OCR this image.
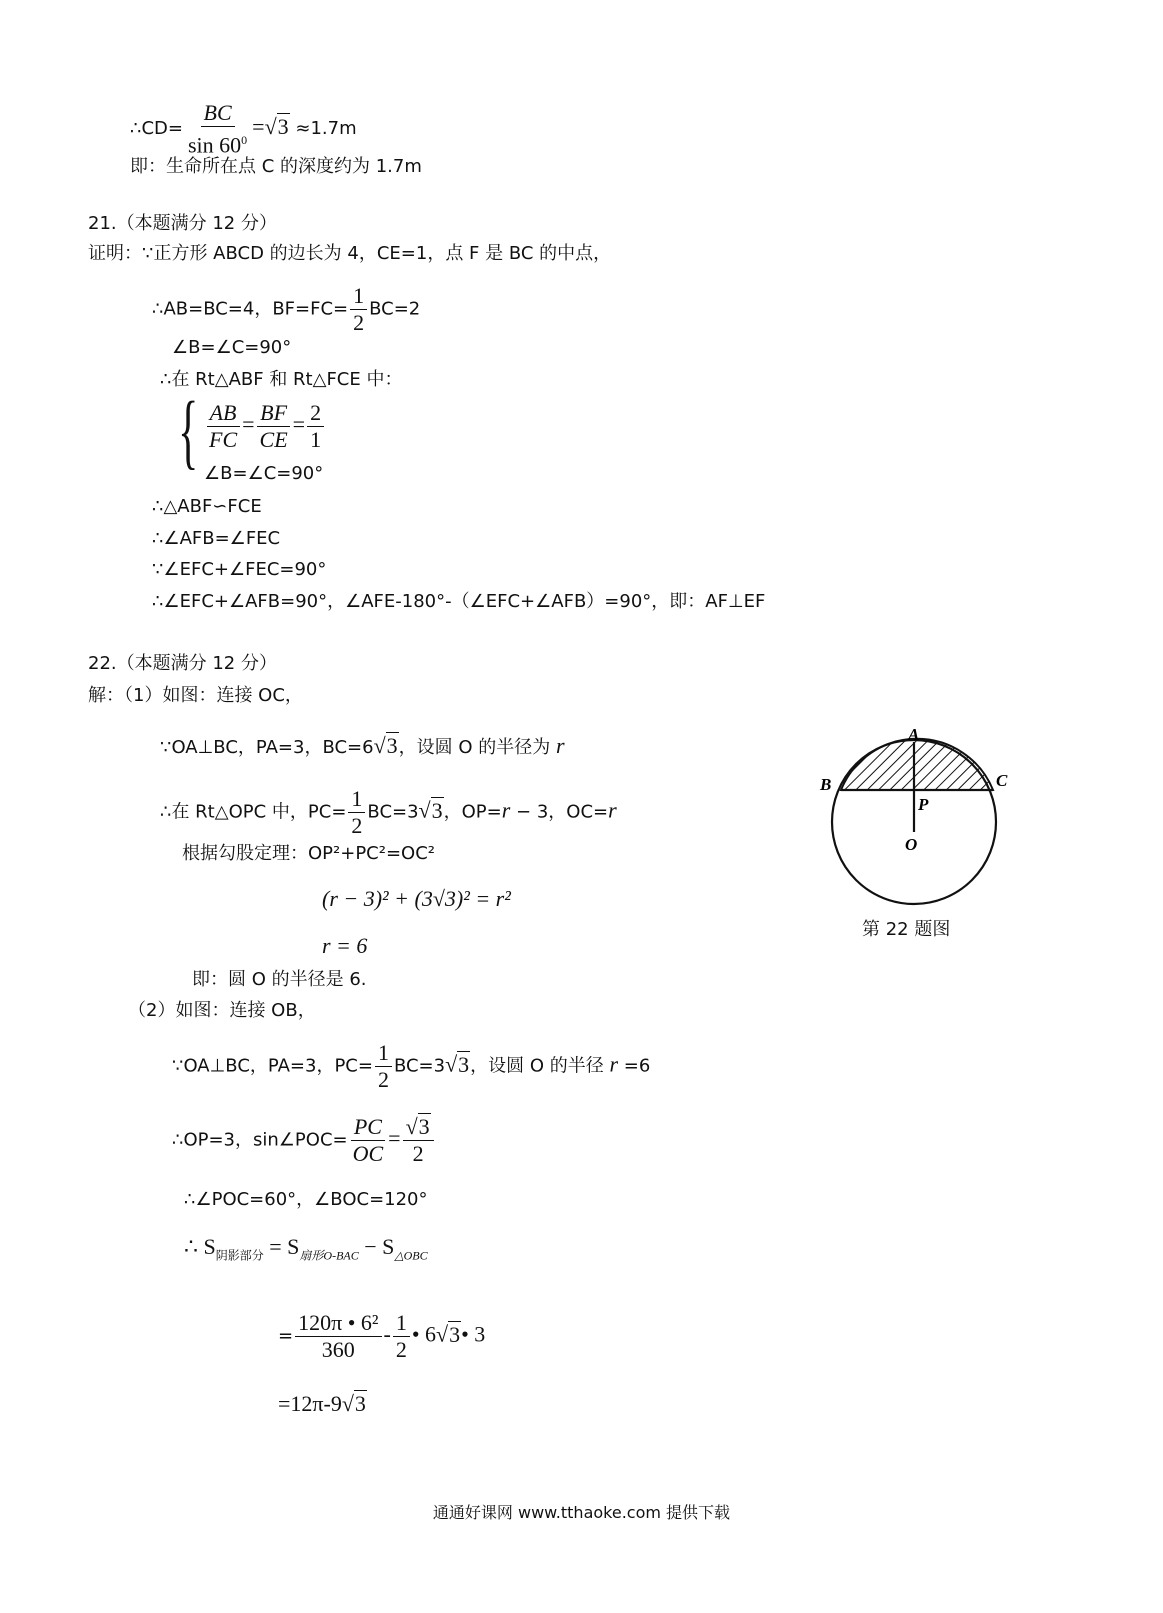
∴CD= $\frac{BC}{\sin 60^0} =√3 \approx 1.7m$
即：生命所在点 C 的深度约为 1.7m
21.（本题满分 12 分）
证明：∵正方形 ABCD 的边长为 4，CE=1，点 F 是 BC 的中点，
∴AB=BC=4，$BF=FC= \frac{1}{2} BC=2$
∠B=∠C=90°
∴在 Rt△ABF 和 Rt△FCE 中：
{ $\frac{AB}{FC} = \frac{BF}{CE} = \frac{2}{1}$
∠B=∠C=90°
∴△ABF∽FCE
∴∠AFB=∠FEC
∵∠EFC+∠FEC=90°
∴∠EFC+∠AFB=90°，∠AFE-180°-（∠EFC+∠AFB）=90°，即：AF⊥EF
22.（本题满分 12 分）
解：（1）如图：连接 OC，
∵OA⊥BC，PA=3，BC=6√3，设圆 O 的半径为 r
∴在 Rt△OPC 中，$PC= \frac{1}{2} BC=3√3$，OP=r − 3，OC=r
根据勾股定理：OP²+PC²=OC²
(r − 3)² + (3√3)² = r²
r = 6
即：圆 O 的半径是 6.
（2）如图：连接 OB，
∵OA⊥BC，PA=3，$PC= \frac{1}{2} BC=3√3$，设圆 O 的半径 r =6
∴OP=3，sin∠POC= $\frac{PC}{OC} = \frac{√3}{2}$
∴∠POC=60°，∠BOC=120°
∴ $S_{阴影部分} = S_{扇形O-BAC} - S_{\triangle OBC}$
= $\frac{\text{120π • 6²}}{360} - \frac{1}{2}$ • 6√3• 3
=12π-9√3
A
B	C
P
O
第 22 题图
通通好课网 www.tthaoke.com 提供下载
